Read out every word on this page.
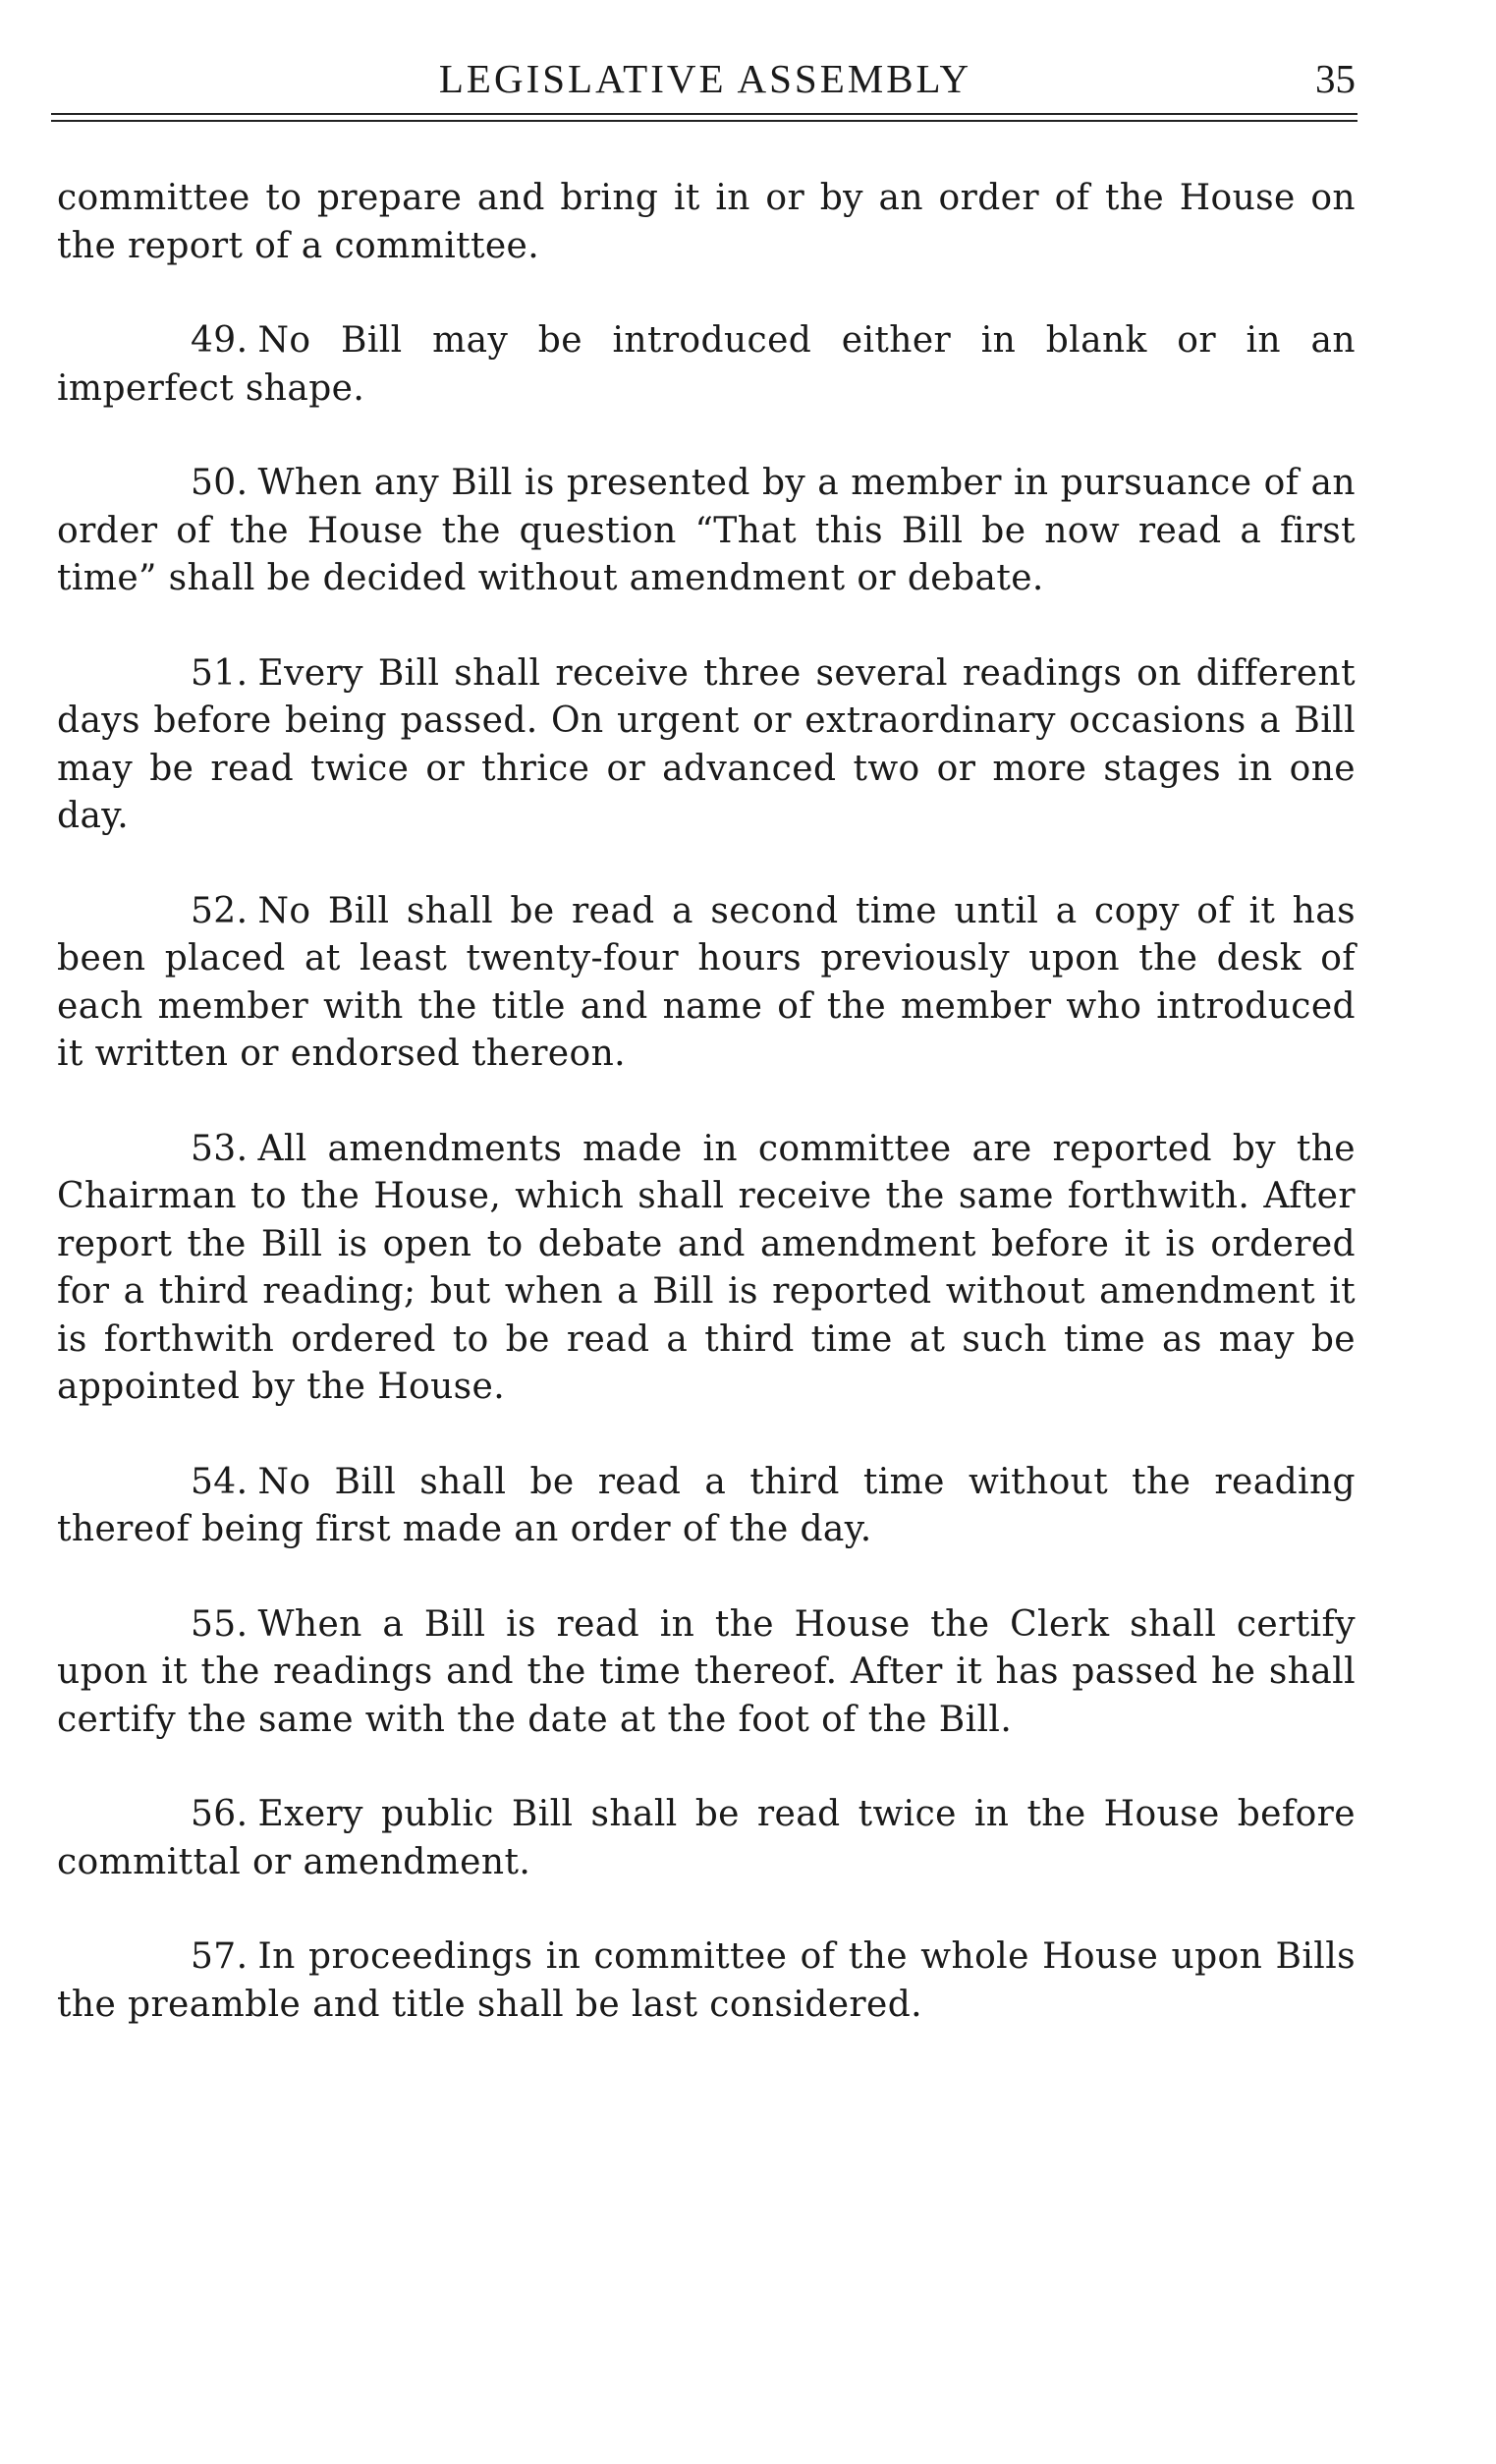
LEGISLATIVE ASSEMBLY	35

committee to prepare and bring it in or by an order of the House on the report of a committee.

49. No Bill may be introduced either in blank or in an imperfect shape.

50. When any Bill is presented by a member in pursuance of an order of the House the question “That this Bill be now read a first time” shall be decided without amendment or debate.

51. Every Bill shall receive three several readings on different days before being passed. On urgent or extraordinary occasions a Bill may be read twice or thrice or advanced two or more stages in one day.

52. No Bill shall be read a second time until a copy of it has been placed at least twenty-four hours previously upon the desk of each member with the title and name of the member who introduced it written or endorsed thereon.

53. All amendments made in committee are reported by the Chairman to the House, which shall receive the same forthwith. After report the Bill is open to debate and amendment before it is ordered for a third reading; but when a Bill is reported without amendment it is forthwith ordered to be read a third time at such time as may be appointed by the House.

54. No Bill shall be read a third time without the reading thereof being first made an order of the day.

55. When a Bill is read in the House the Clerk shall certify upon it the readings and the time thereof. After it has passed he shall certify the same with the date at the foot of the Bill.

56. Exery public Bill shall be read twice in the House before committal or amendment.

57. In proceedings in committee of the whole House upon Bills the preamble and title shall be last considered.
